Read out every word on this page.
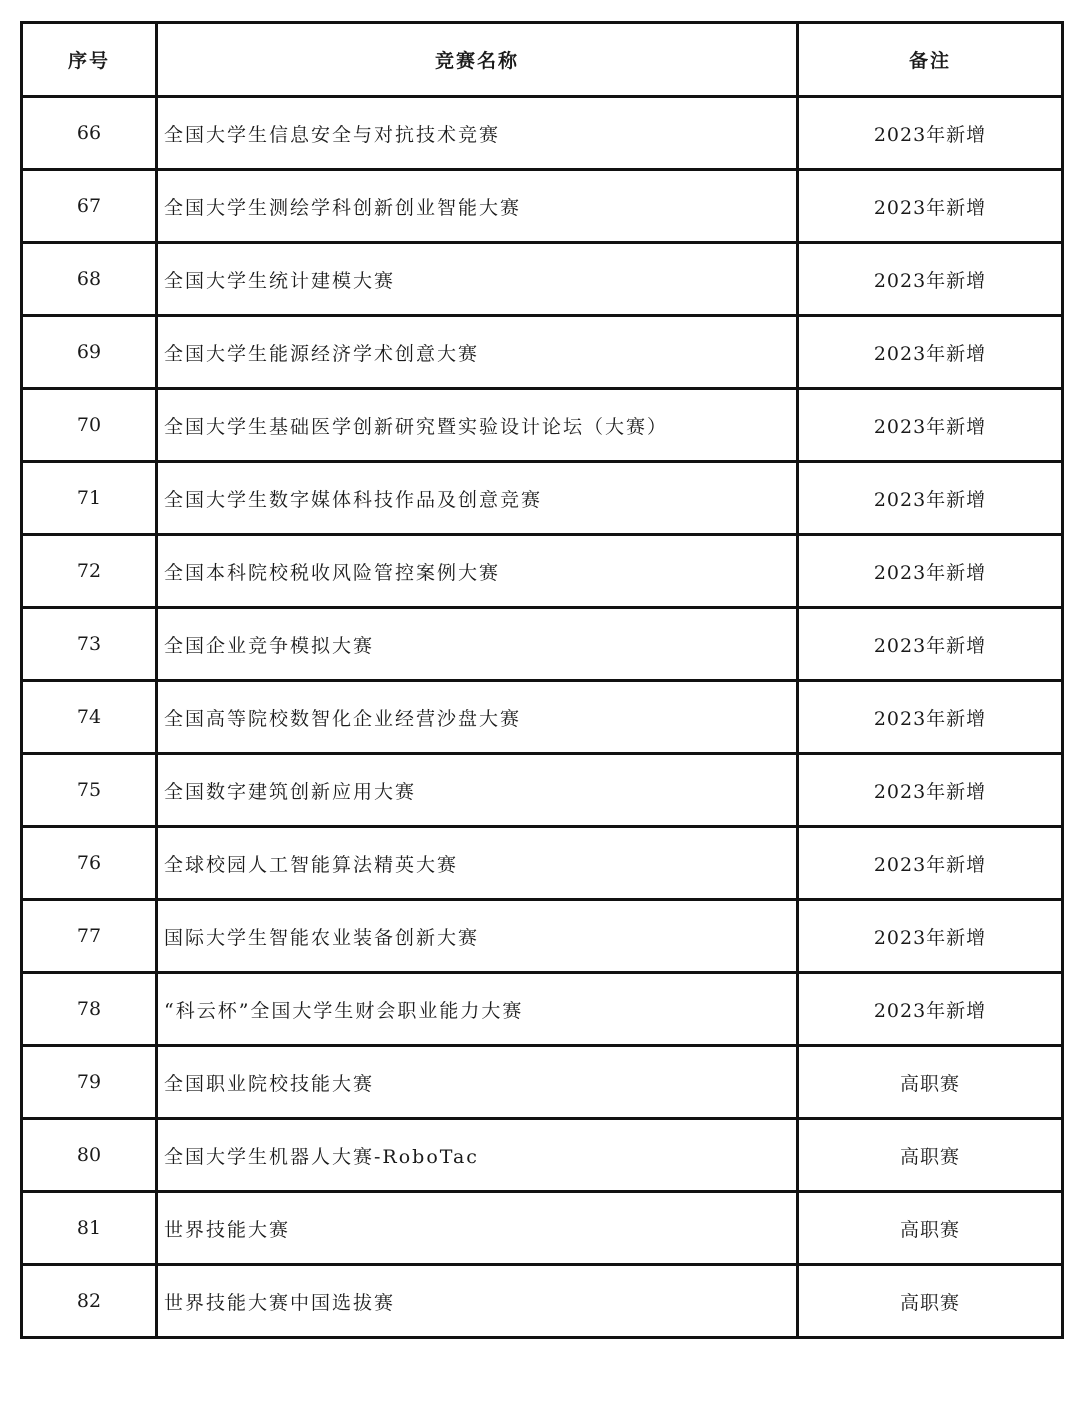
序号	竞赛名称	备注
66	全国大学生信息安全与对抗技术竞赛	2023年新增
67	全国大学生测绘学科创新创业智能大赛	2023年新增
68	全国大学生统计建模大赛	2023年新增
69	全国大学生能源经济学术创意大赛	2023年新增
70	全国大学生基础医学创新研究暨实验设计论坛（大赛）	2023年新增
71	全国大学生数字媒体科技作品及创意竞赛	2023年新增
72	全国本科院校税收风险管控案例大赛	2023年新增
73	全国企业竞争模拟大赛	2023年新增
74	全国高等院校数智化企业经营沙盘大赛	2023年新增
75	全国数字建筑创新应用大赛	2023年新增
76	全球校园人工智能算法精英大赛	2023年新增
77	国际大学生智能农业装备创新大赛	2023年新增
78	“科云杯”全国大学生财会职业能力大赛	2023年新增
79	全国职业院校技能大赛	高职赛
80	全国大学生机器人大赛-RoboTac	高职赛
81	世界技能大赛	高职赛
82	世界技能大赛中国选拔赛	高职赛
